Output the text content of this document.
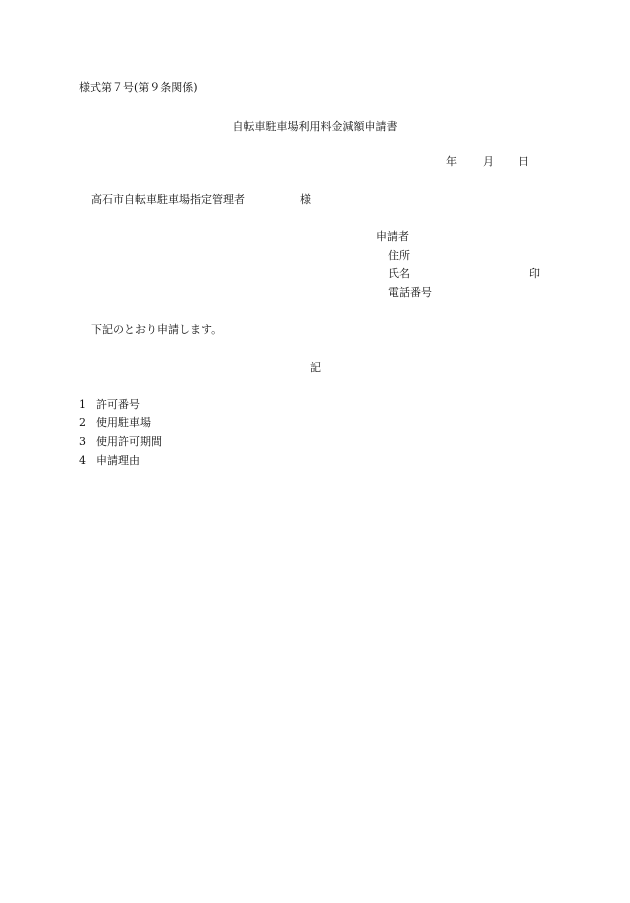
様式第７号(第９条関係)
自転車駐車場利用料金減額申請書
年 月 日
高石市自転車駐車場指定管理者	様
申請者
住所
氏名	印
電話番号
下記のとおり申請します。
記
1 許可番号
2 使用駐車場
3 使用許可期間
4 申請理由
